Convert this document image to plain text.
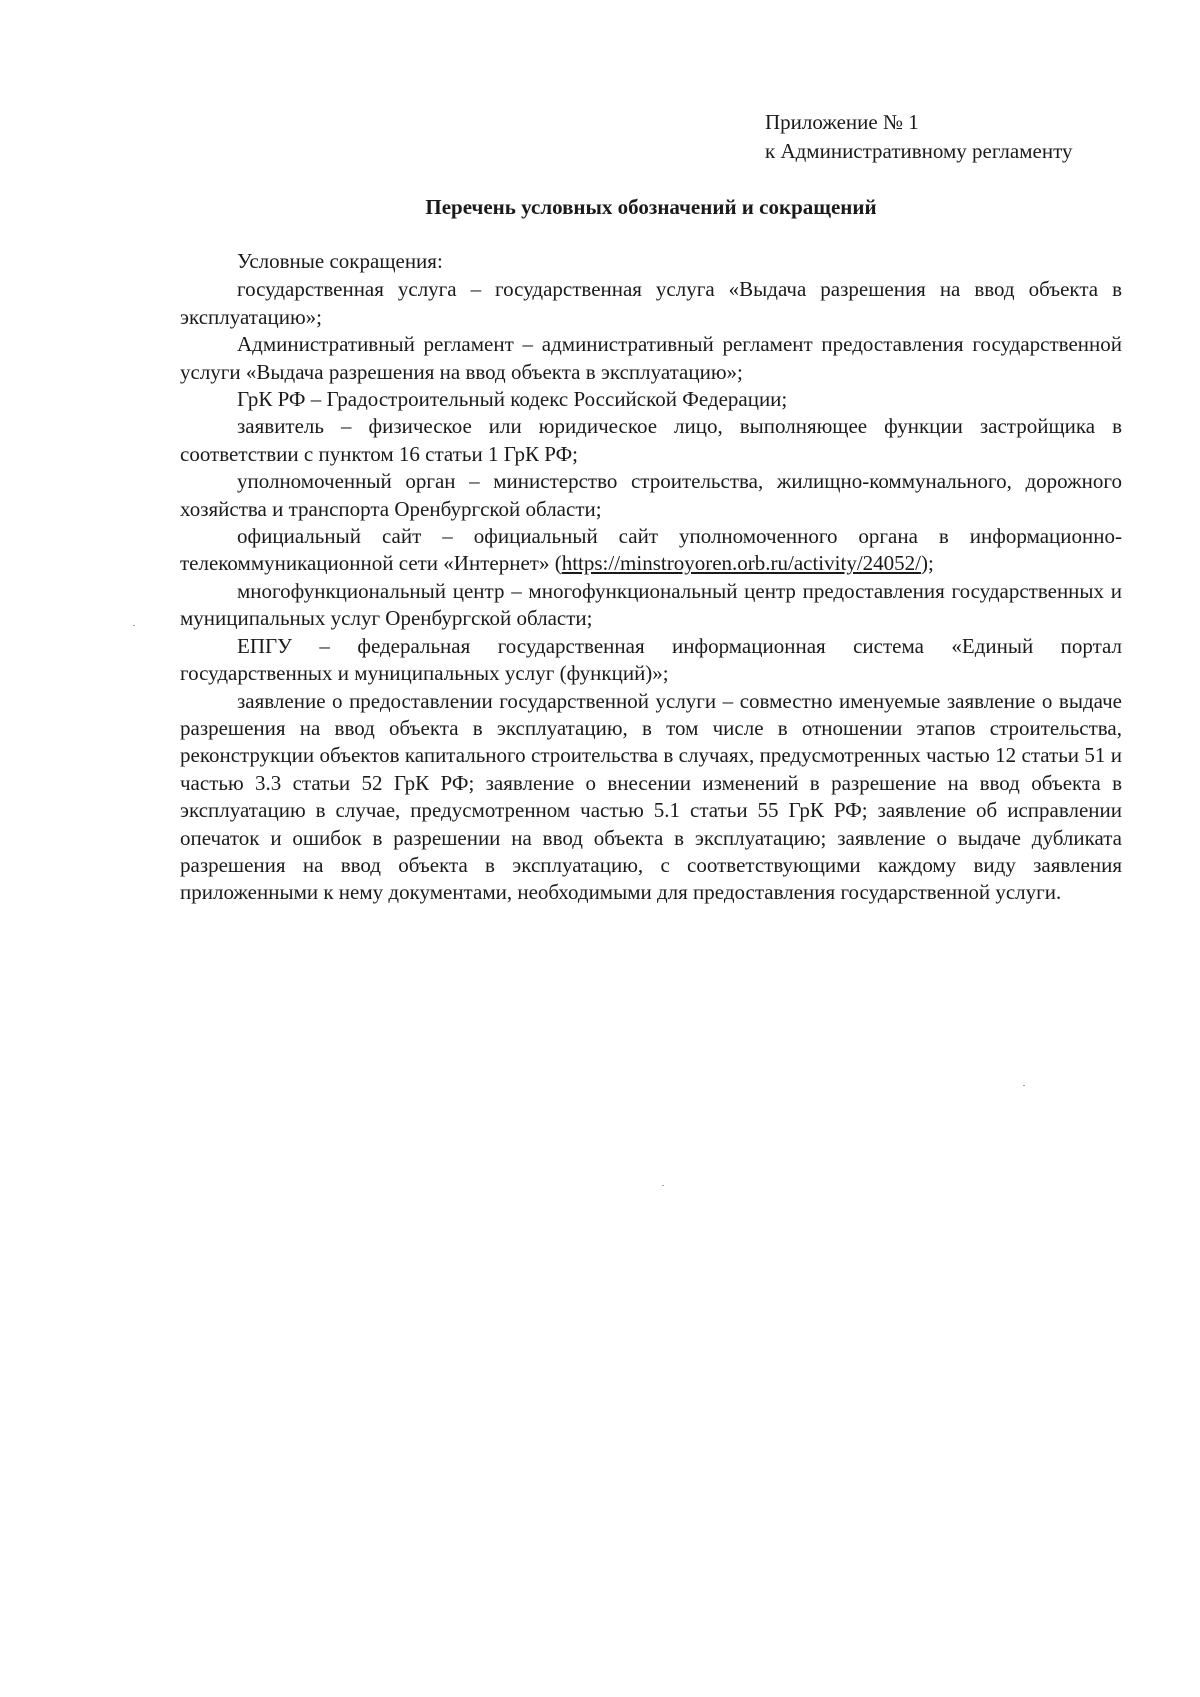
Приложение № 1
к Административному регламенту
Перечень условных обозначений и сокращений

Условные сокращения:

государственная услуга – государственная услуга «Выдача разрешения на ввод объекта в эксплуатацию»;

Административный регламент – административный регламент предоставления государственной услуги «Выдача разрешения на ввод объекта в эксплуатацию»;

ГрК РФ – Градостроительный кодекс Российской Федерации;

заявитель – физическое или юридическое лицо, выполняющее функции застройщика в соответствии с пунктом 16 статьи 1 ГрК РФ;

уполномоченный орган – министерство строительства, жилищно-коммунального, дорожного хозяйства и транспорта Оренбургской области;

официальный сайт – официальный сайт уполномоченного органа в информационно-телекоммуникационной сети «Интернет» (https://minstroyoren.orb.ru/activity/24052/);

многофункциональный центр – многофункциональный центр предоставления государственных и муниципальных услуг Оренбургской области;

ЕПГУ – федеральная государственная информационная система «Единый портал государственных и муниципальных услуг (функций)»;

заявление о предоставлении государственной услуги – совместно именуемые заявление о выдаче разрешения на ввод объекта в эксплуатацию, в том числе в отношении этапов строительства, реконструкции объектов капитального строительства в случаях, предусмотренных частью 12 статьи 51 и частью 3.3 статьи 52 ГрК РФ; заявление о внесении изменений в разрешение на ввод объекта в эксплуатацию в случае, предусмотренном частью 5.1 статьи 55 ГрК РФ; заявление об исправлении опечаток и ошибок в разрешении на ввод объекта в эксплуатацию; заявление о выдаче дубликата разрешения на ввод объекта в эксплуатацию, с соответствующими каждому виду заявления приложенными к нему документами, необходимыми для предоставления государственной услуги.
